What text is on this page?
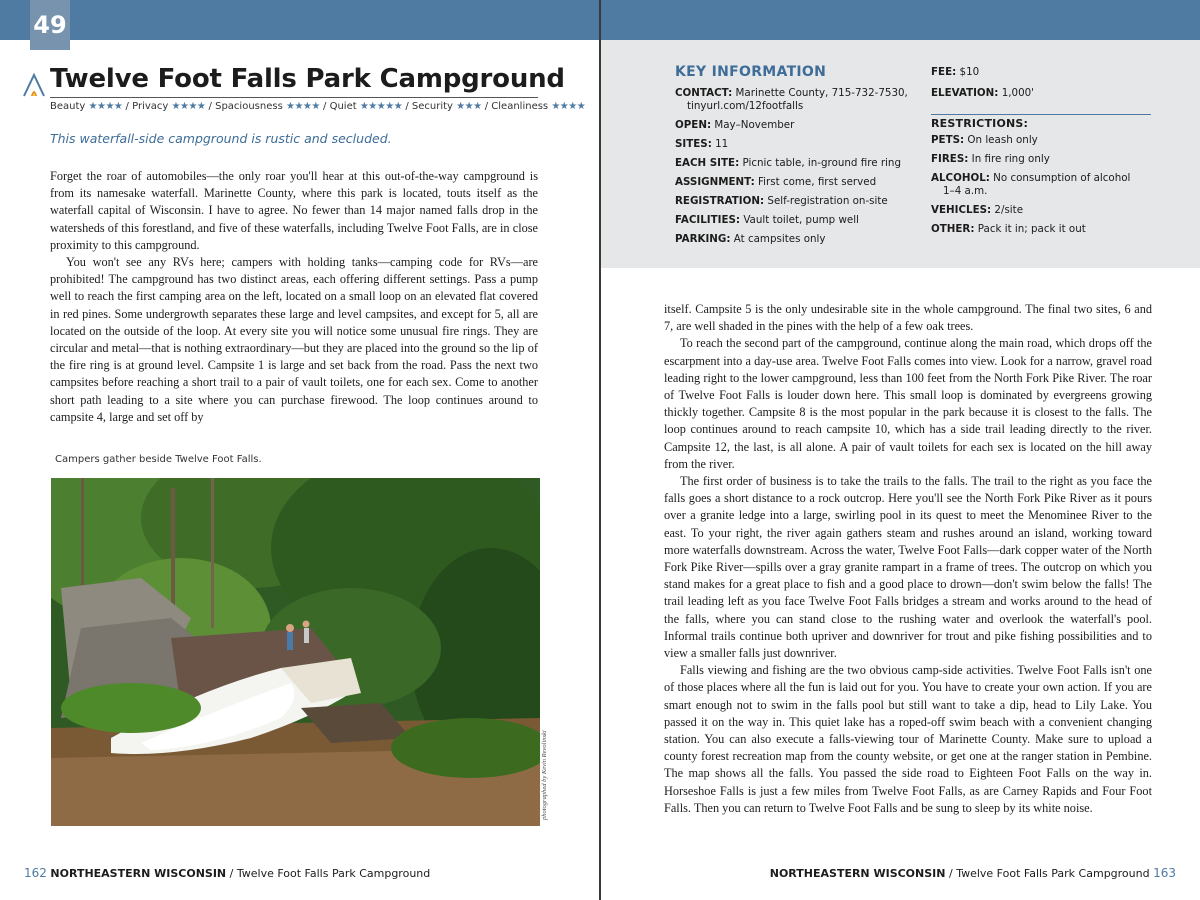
49
Twelve Foot Falls Park Campground
Beauty ★★★★ / Privacy ★★★★ / Spaciousness ★★★★ / Quiet ★★★★★ / Security ★★★ / Cleanliness ★★★★
This waterfall-side campground is rustic and secluded.

Forget the roar of automobiles—the only roar you'll hear at this out-of-the-way campground is from its namesake waterfall. Marinette County, where this park is located, touts itself as the waterfall capital of Wisconsin. I have to agree. No fewer than 14 major named falls drop in the watersheds of this forestland, and five of these waterfalls, including Twelve Foot Falls, are in close proximity to this campground.

You won't see any RVs here; campers with holding tanks—camping code for RVs—are prohibited! The campground has two distinct areas, each offering different settings. Pass a pump well to reach the first camping area on the left, located on a small loop on an elevated flat covered in red pines. Some undergrowth separates these large and level campsites, and except for 5, all are located on the outside of the loop. At every site you will notice some unusual fire rings. They are circular and metal—that is nothing extraordinary—but they are placed into the ground so the lip of the fire ring is at ground level. Campsite 1 is large and set back from the road. Pass the next two campsites before reaching a short trail to a pair of vault toilets, one for each sex. Come to another short path leading to a site where you can purchase firewood. The loop continues around to campsite 4, large and set off by

Campers gather beside Twelve Foot Falls.
photographed by Kevin Revolinski
162 NORTHEASTERN WISCONSIN / Twelve Foot Falls Park Campground
KEY INFORMATION
CONTACT: Marinette County, 715-732-7530,
tinyurl.com/12footfalls
OPEN: May–November
SITES: 11
EACH SITE: Picnic table, in-ground fire ring
ASSIGNMENT: First come, first served
REGISTRATION: Self-registration on-site
FACILITIES: Vault toilet, pump well
PARKING: At campsites only
FEE: $10
ELEVATION: 1,000'
RESTRICTIONS:
PETS: On leash only
FIRES: In fire ring only
ALCOHOL: No consumption of alcohol
1–4 a.m.
VEHICLES: 2/site
OTHER: Pack it in; pack it out

itself. Campsite 5 is the only undesirable site in the whole campground. The final two sites, 6 and 7, are well shaded in the pines with the help of a few oak trees.

To reach the second part of the campground, continue along the main road, which drops off the escarpment into a day-use area. Twelve Foot Falls comes into view. Look for a narrow, gravel road leading right to the lower campground, less than 100 feet from the North Fork Pike River. The roar of Twelve Foot Falls is louder down here. This small loop is dominated by evergreens growing thickly together. Campsite 8 is the most popular in the park because it is closest to the falls. The loop continues around to reach campsite 10, which has a side trail leading directly to the river. Campsite 12, the last, is all alone. A pair of vault toilets for each sex is located on the hill away from the river.

The first order of business is to take the trails to the falls. The trail to the right as you face the falls goes a short distance to a rock outcrop. Here you'll see the North Fork Pike River as it pours over a granite ledge into a large, swirling pool in its quest to meet the Menominee River to the east. To your right, the river again gathers steam and rushes around an island, working toward more waterfalls downstream. Across the water, Twelve Foot Falls—dark copper water of the North Fork Pike River—spills over a gray granite rampart in a frame of trees. The outcrop on which you stand makes for a great place to fish and a good place to drown—don't swim below the falls! The trail leading left as you face Twelve Foot Falls bridges a stream and works around to the head of the falls, where you can stand close to the rushing water and overlook the waterfall's pool. Informal trails continue both upriver and downriver for trout and pike fishing possibilities and to view a smaller falls just downriver.

Falls viewing and fishing are the two obvious camp-side activities. Twelve Foot Falls isn't one of those places where all the fun is laid out for you. You have to create your own action. If you are smart enough not to swim in the falls pool but still want to take a dip, head to Lily Lake. You passed it on the way in. This quiet lake has a roped-off swim beach with a convenient changing station. You can also execute a falls-viewing tour of Marinette County. Make sure to upload a county forest recreation map from the county website, or get one at the ranger station in Pembine. The map shows all the falls. You passed the side road to Eighteen Foot Falls on the way in. Horseshoe Falls is just a few miles from Twelve Foot Falls, as are Carney Rapids and Four Foot Falls. Then you can return to Twelve Foot Falls and be sung to sleep by its white noise.

NORTHEASTERN WISCONSIN / Twelve Foot Falls Park Campground 163
